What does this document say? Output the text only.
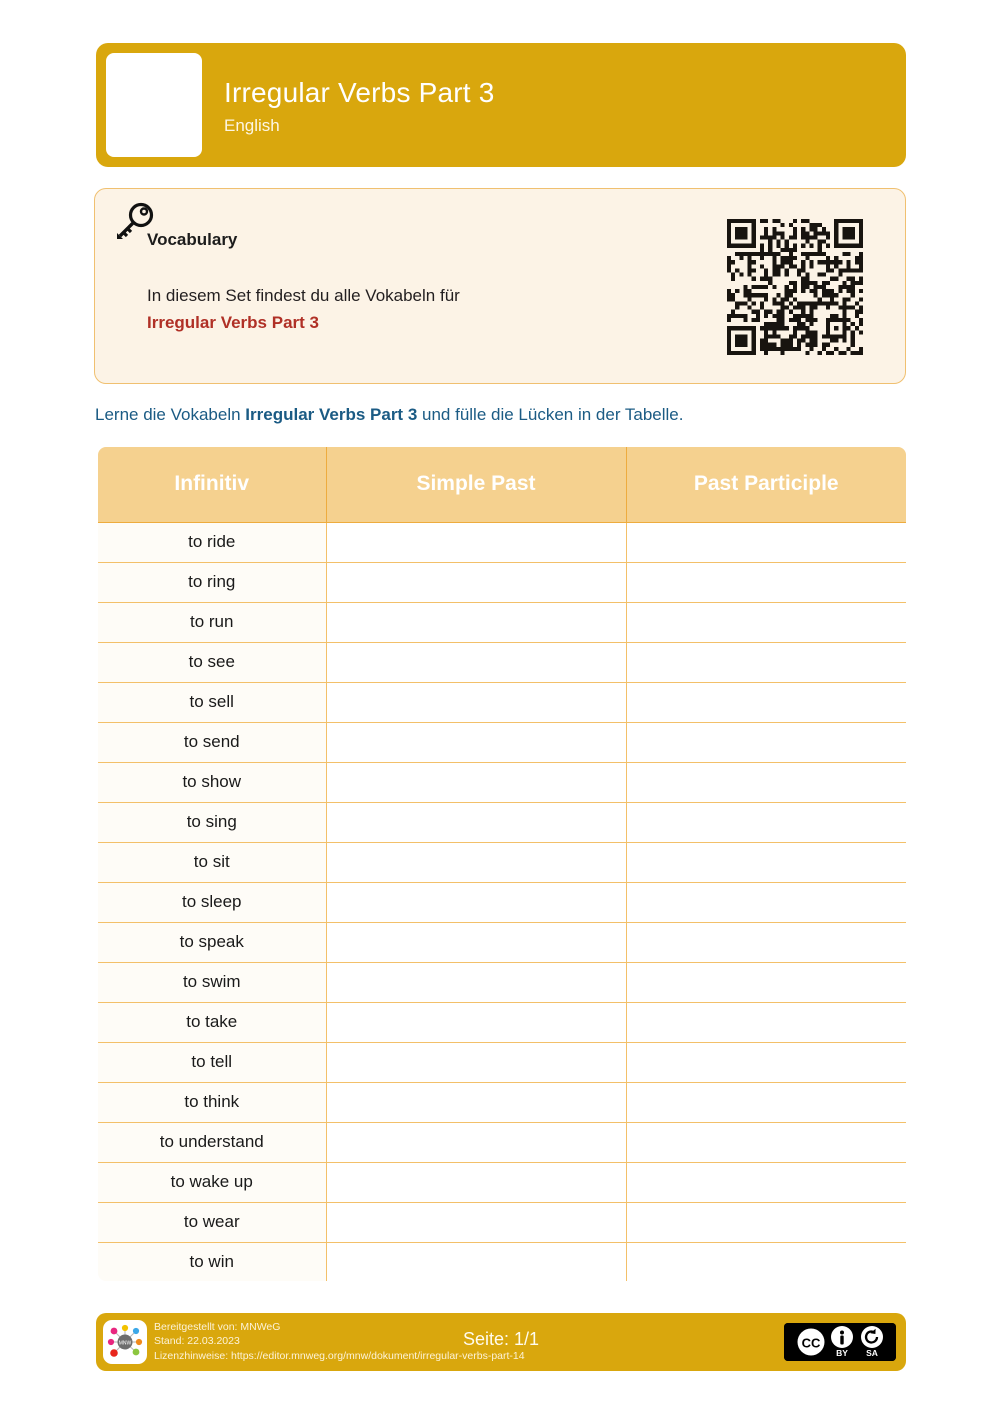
Irregular Verbs Part 3
English
Vocabulary
In diesem Set findest du alle Vokabeln für
Irregular Verbs Part 3
Lerne die Vokabeln Irregular Verbs Part 3 und fülle die Lücken in der Tabelle.
Infinitiv	Simple Past	Past Participle
to ride		
to ring		
to run		
to see		
to sell		
to send		
to show		
to sing		
to sit		
to sleep		
to speak		
to swim		
to take		
to tell		
to think		
to understand		
to wake up		
to wear		
to win		
MNW
Bereitgestellt von: MNWeG
Stand: 22.03.2023
Lizenzhinweise: https://editor.mnweg.org/mnw/dokument/irregular-verbs-part-14
Seite: 1/1	CC
BY SA
